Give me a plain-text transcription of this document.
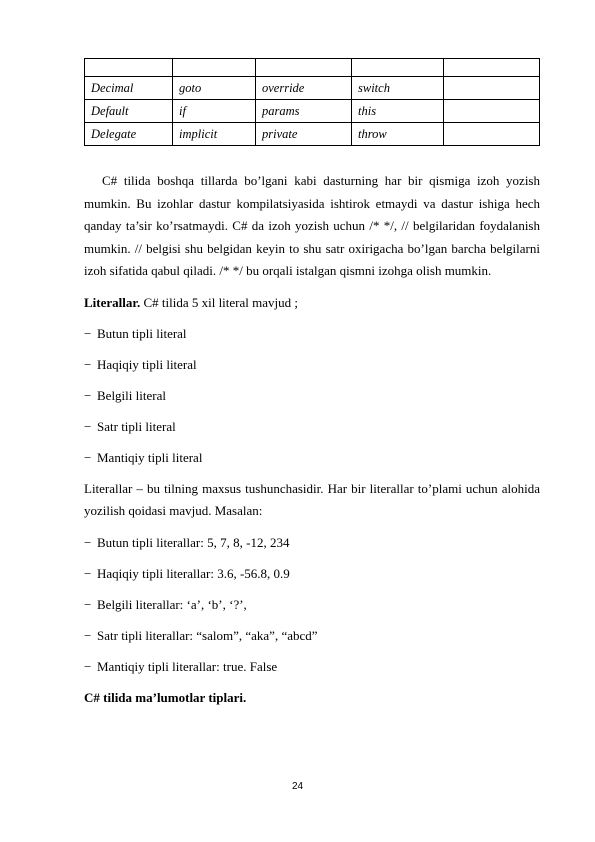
Decimal	goto	override	switch	
Default	if	params	this	
Delegate	implicit	private	throw	

C# tilida boshqa tillarda bo’lgani kabi dasturning har bir qismiga izoh yozish mumkin. Bu izohlar dastur kompilatsiyasida ishtirok etmaydi va dastur ishiga hech qanday ta’sir ko’rsatmaydi. C# da izoh yozish uchun /* */, // belgilaridan foydalanish mumkin. // belgisi shu belgidan keyin to shu satr oxirigacha bo’lgan barcha belgilarni izoh sifatida qabul qiladi. /* */ bu orqali istalgan qismni izohga olish mumkin.

Literallar. C# tilida 5 xil literal mavjud ;

− Butun tipli literal

− Haqiqiy tipli literal

− Belgili literal

− Satr tipli literal

− Mantiqiy tipli literal

Literallar – bu tilning maxsus tushunchasidir. Har bir literallar to’plami uchun alohida yozilish qoidasi mavjud. Masalan:

− Butun tipli literallar: 5, 7, 8, -12, 234

− Haqiqiy tipli literallar: 3.6, -56.8, 0.9

− Belgili literallar: ‘a’, ‘b’, ‘?’,

− Satr tipli literallar: “salom”, “aka”, “abcd”

− Mantiqiy tipli literallar: true. False

C# tilida ma’lumotlar tiplari.

24
